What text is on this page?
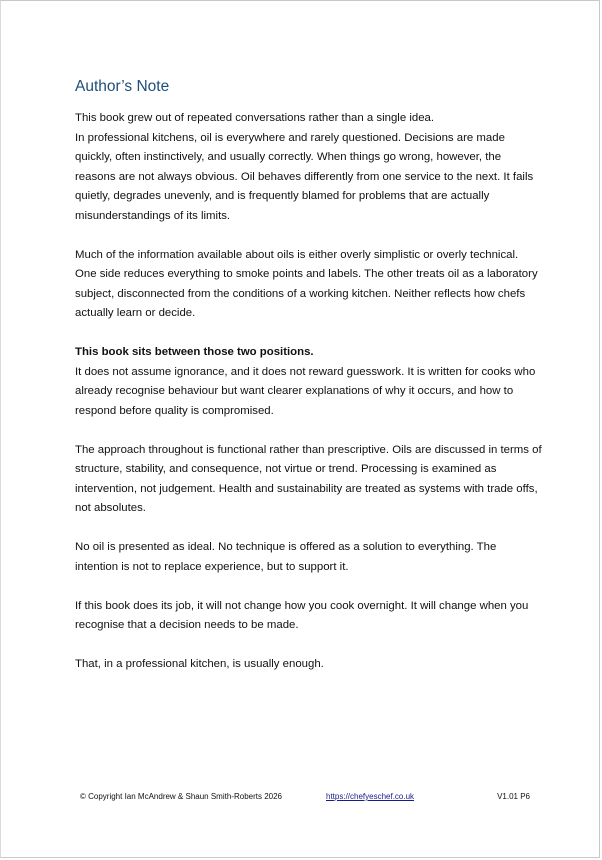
Author’s Note
This book grew out of repeated conversations rather than a single idea.
In professional kitchens, oil is everywhere and rarely questioned. Decisions are made
quickly, often instinctively, and usually correctly. When things go wrong, however, the
reasons are not always obvious. Oil behaves differently from one service to the next. It fails
quietly, degrades unevenly, and is frequently blamed for problems that are actually
misunderstandings of its limits.
Much of the information available about oils is either overly simplistic or overly technical.
One side reduces everything to smoke points and labels. The other treats oil as a laboratory
subject, disconnected from the conditions of a working kitchen. Neither reflects how chefs
actually learn or decide.
This book sits between those two positions.
It does not assume ignorance, and it does not reward guesswork. It is written for cooks who
already recognise behaviour but want clearer explanations of why it occurs, and how to
respond before quality is compromised.
The approach throughout is functional rather than prescriptive. Oils are discussed in terms of
structure, stability, and consequence, not virtue or trend. Processing is examined as
intervention, not judgement. Health and sustainability are treated as systems with trade offs,
not absolutes.
No oil is presented as ideal. No technique is offered as a solution to everything. The
intention is not to replace experience, but to support it.
If this book does its job, it will not change how you cook overnight. It will change when you
recognise that a decision needs to be made.
That, in a professional kitchen, is usually enough.
© Copyright Ian McAndrew & Shaun Smith-Roberts 2026	https://chefyeschef.co.uk	V1.01 P6
